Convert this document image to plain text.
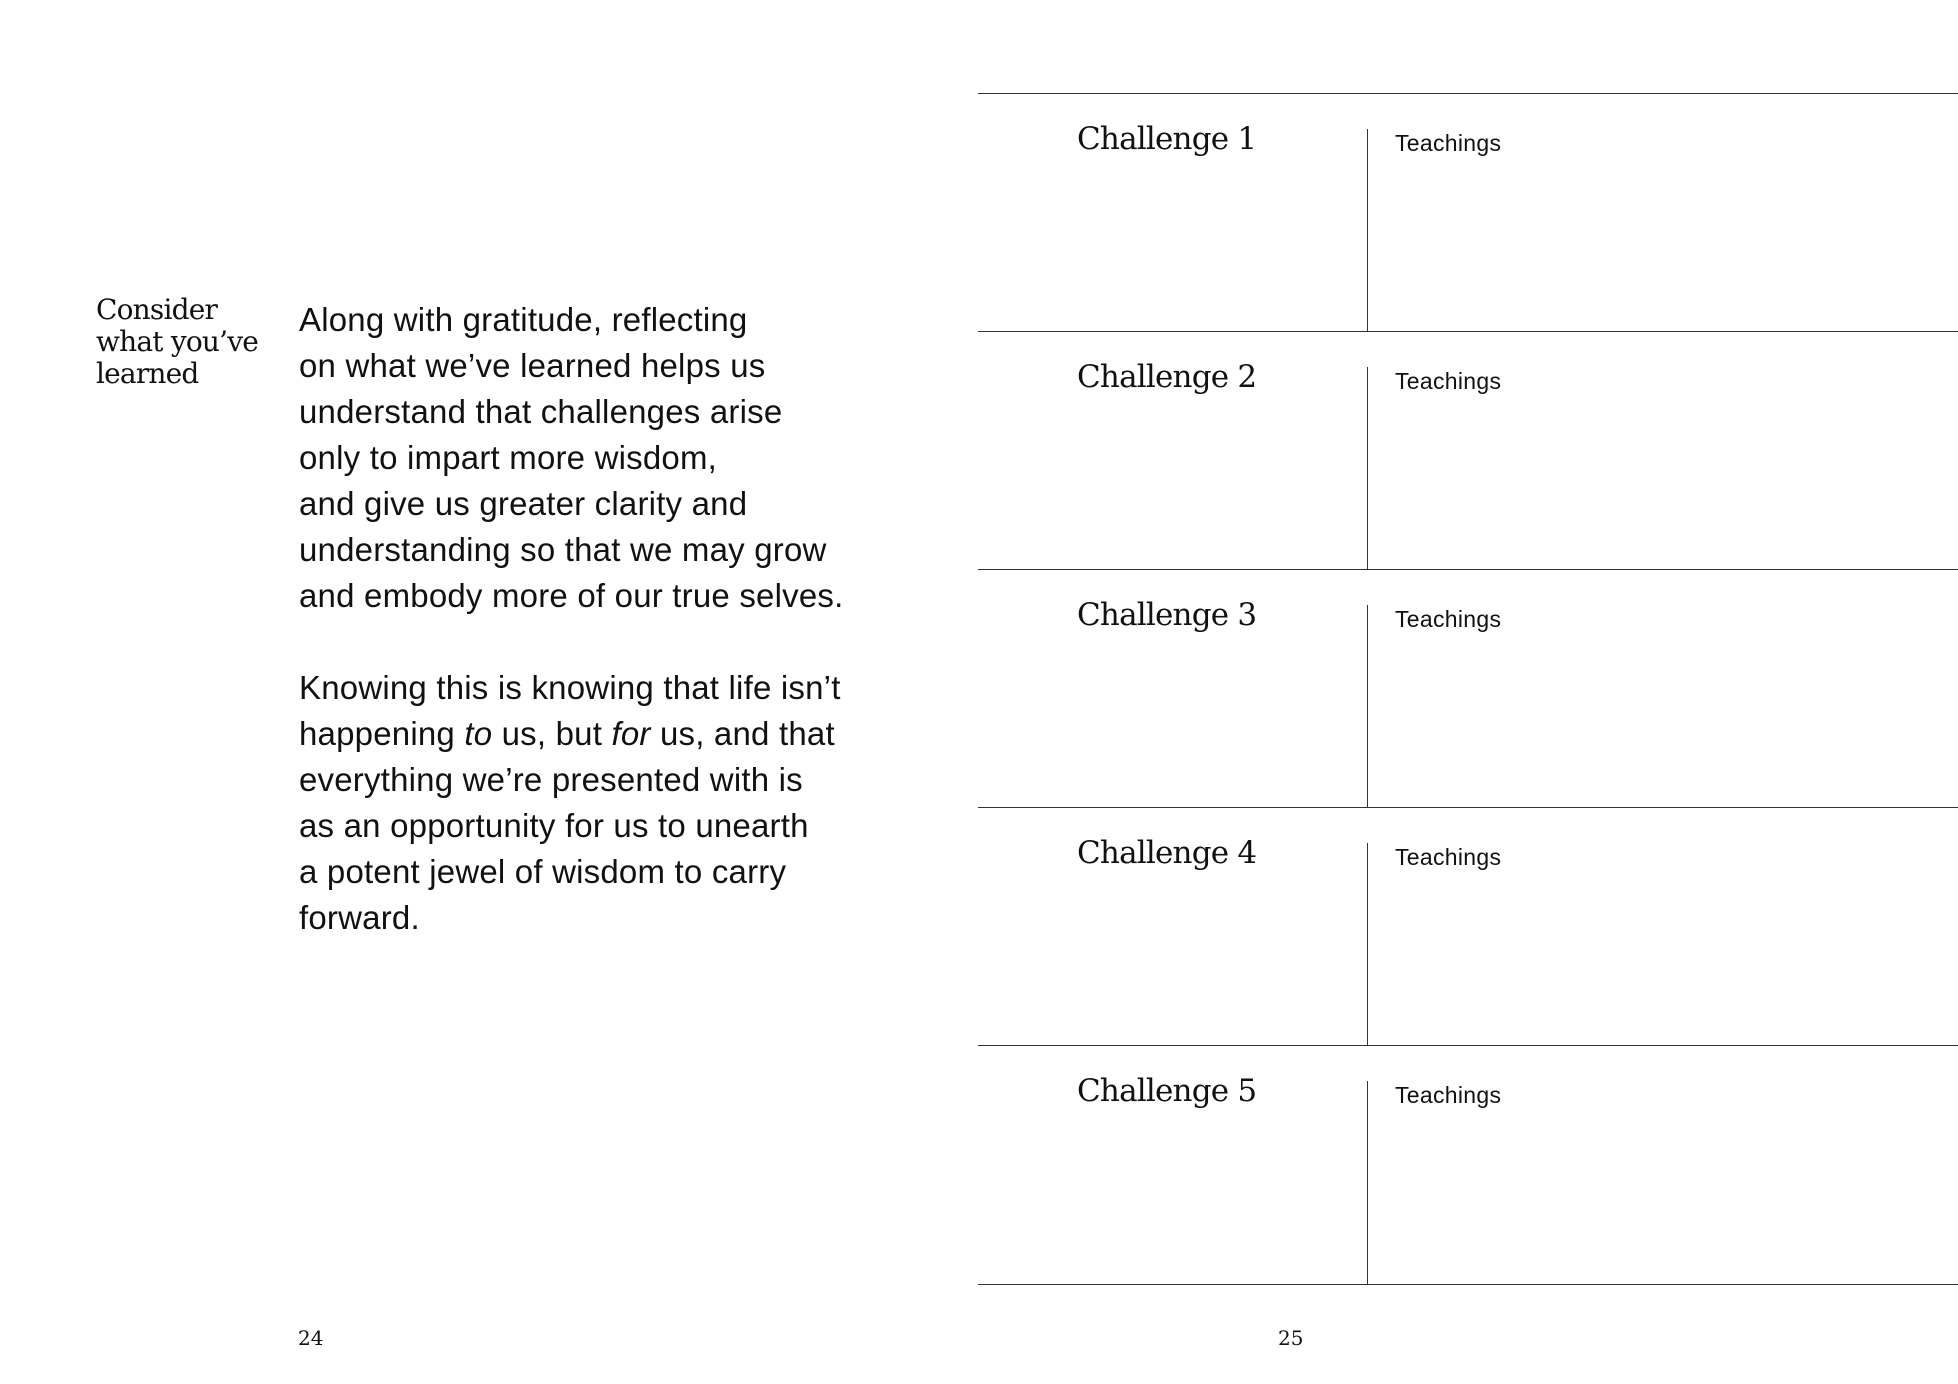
Consider
what you’ve
learned

Along with gratitude, reflecting
on what we’ve learned helps us
understand that challenges arise
only to impart more wisdom,
and give us greater clarity and
understanding so that we may grow
and embody more of our true selves.

Knowing this is knowing that life isn’t
happening to us, but for us, and that
everything we’re presented with is
as an opportunity for us to unearth
a potent jewel of wisdom to carry
forward.

24
Challenge 1	Teachings
Challenge 2	Teachings
Challenge 3	Teachings
Challenge 4	Teachings
Challenge 5	Teachings
25
